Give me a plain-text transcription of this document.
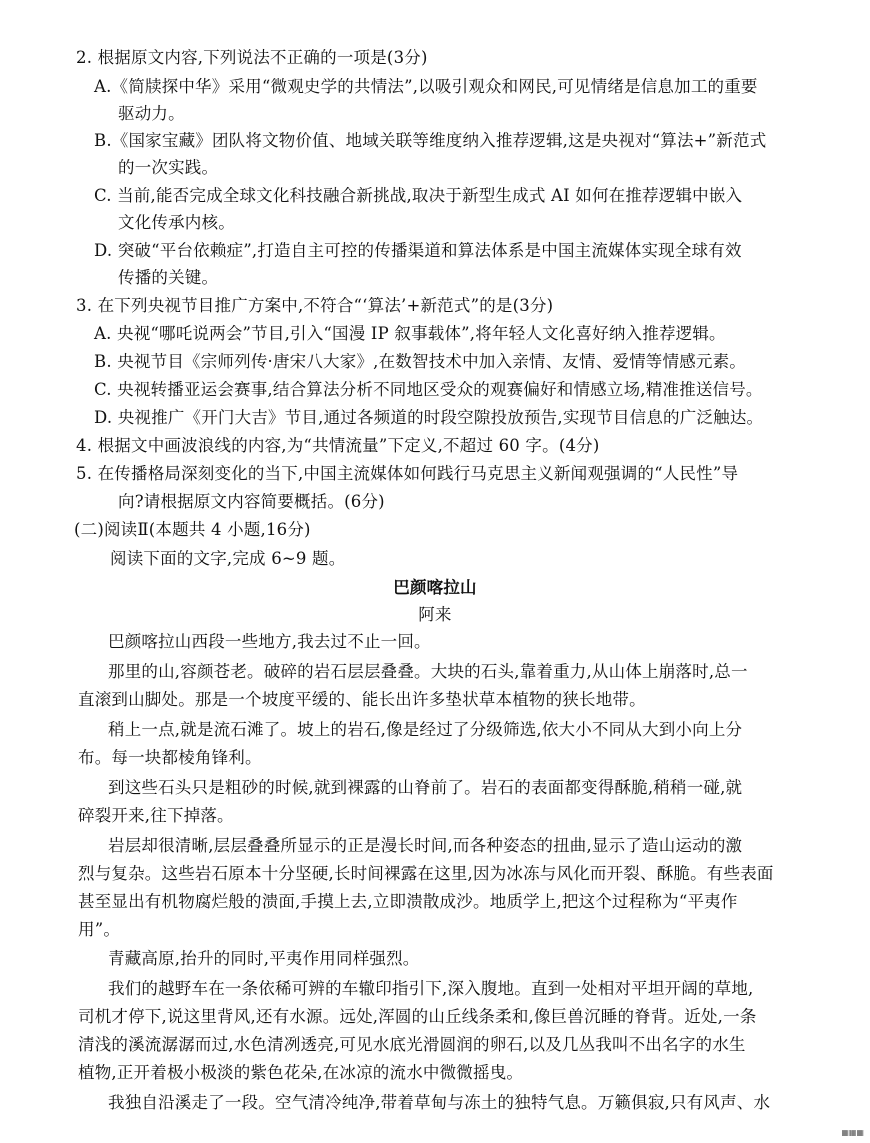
2. 根据原文内容,下列说法不正确的一项是(3分)
A.《简牍探中华》采用“微观史学的共情法”,以吸引观众和网民,可见情绪是信息加工的重要
驱动力。
B.《国家宝藏》团队将文物价值、地域关联等维度纳入推荐逻辑,这是央视对“算法+”新范式
的一次实践。
C. 当前,能否完成全球文化科技融合新挑战,取决于新型生成式 AI 如何在推荐逻辑中嵌入
文化传承内核。
D. 突破“平台依赖症”,打造自主可控的传播渠道和算法体系是中国主流媒体实现全球有效
传播的关键。
3. 在下列央视节目推广方案中,不符合“‘算法’+新范式”的是(3分)
A. 央视“哪吒说两会”节目,引入“国漫 IP 叙事载体”,将年轻人文化喜好纳入推荐逻辑。
B. 央视节目《宗师列传·唐宋八大家》,在数智技术中加入亲情、友情、爱情等情感元素。
C. 央视转播亚运会赛事,结合算法分析不同地区受众的观赛偏好和情感立场,精准推送信号。
D. 央视推广《开门大吉》节目,通过各频道的时段空隙投放预告,实现节目信息的广泛触达。
4. 根据文中画波浪线的内容,为“共情流量”下定义,不超过 60 字。(4分)
5. 在传播格局深刻变化的当下,中国主流媒体如何践行马克思主义新闻观强调的“人民性”导
向?请根据原文内容简要概括。(6分)
(二)阅读Ⅱ(本题共 4 小题,16分)
阅读下面的文字,完成 6~9 题。
巴颜喀拉山
阿来
巴颜喀拉山西段一些地方,我去过不止一回。
那里的山,容颜苍老。破碎的岩石层层叠叠。大块的石头,靠着重力,从山体上崩落时,总一
直滚到山脚处。那是一个坡度平缓的、能长出许多垫状草本植物的狭长地带。
稍上一点,就是流石滩了。坡上的岩石,像是经过了分级筛选,依大小不同从大到小向上分
布。每一块都棱角锋利。
到这些石头只是粗砂的时候,就到裸露的山脊前了。岩石的表面都变得酥脆,稍稍一碰,就
碎裂开来,往下掉落。
岩层却很清晰,层层叠叠所显示的正是漫长时间,而各种姿态的扭曲,显示了造山运动的激
烈与复杂。这些岩石原本十分坚硬,长时间裸露在这里,因为冰冻与风化而开裂、酥脆。有些表面
甚至显出有机物腐烂般的溃面,手摸上去,立即溃散成沙。地质学上,把这个过程称为“平夷作
用”。
青藏高原,抬升的同时,平夷作用同样强烈。
我们的越野车在一条依稀可辨的车辙印指引下,深入腹地。直到一处相对平坦开阔的草地,
司机才停下,说这里背风,还有水源。远处,浑圆的山丘线条柔和,像巨兽沉睡的脊背。近处,一条
清浅的溪流潺潺而过,水色清冽透亮,可见水底光滑圆润的卵石,以及几丛我叫不出名字的水生
植物,正开着极小极淡的紫色花朵,在冰凉的流水中微微摇曳。
我独自沿溪走了一段。空气清冷纯净,带着草甸与冻土的独特气息。万籁俱寂,只有风声、水
▦▦▦
